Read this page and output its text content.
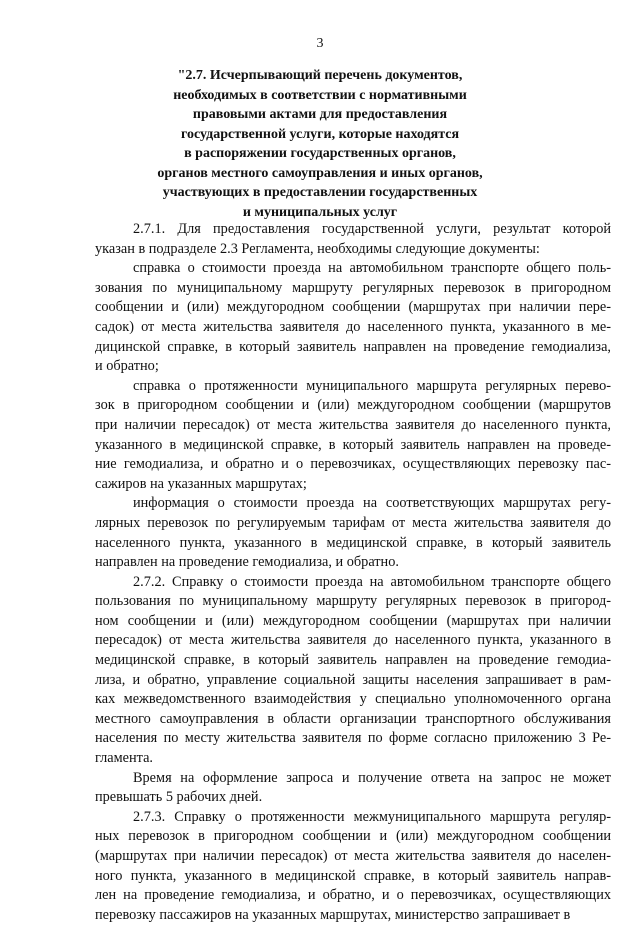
3
"2.7. Исчерпывающий перечень документов,
необходимых в соответствии с нормативными
правовыми актами для предоставления
государственной услуги, которые находятся
в распоряжении государственных органов,
органов местного самоуправления и иных органов,
участвующих в предоставлении государственных
и муниципальных услуг
2.7.1. Для предоставления государственной услуги, результат которой
указан в подразделе 2.3 Регламента, необходимы следующие документы:
справка о стоимости проезда на автомобильном транспорте общего поль-
зования по муниципальному маршруту регулярных перевозок в пригородном
сообщении и (или) междугородном сообщении (маршрутах при наличии пере-
садок) от места жительства заявителя до населенного пункта, указанного в ме-
дицинской справке, в который заявитель направлен на проведение гемодиализа,
и обратно;
справка о протяженности муниципального маршрута регулярных перево-
зок в пригородном сообщении и (или) междугородном сообщении (маршрутов
при наличии пересадок) от места жительства заявителя до населенного пункта,
указанного в медицинской справке, в который заявитель направлен на проведе-
ние гемодиализа, и обратно и о перевозчиках, осуществляющих перевозку пас-
сажиров на указанных маршрутах;
информация о стоимости проезда на соответствующих маршрутах регу-
лярных перевозок по регулируемым тарифам от места жительства заявителя до
населенного пункта, указанного в медицинской справке, в который заявитель
направлен на проведение гемодиализа, и обратно.
2.7.2. Справку о стоимости проезда на автомобильном транспорте общего
пользования по муниципальному маршруту регулярных перевозок в пригород-
ном сообщении и (или) междугородном сообщении (маршрутах при наличии
пересадок) от места жительства заявителя до населенного пункта, указанного в
медицинской справке, в который заявитель направлен на проведение гемодиа-
лиза, и обратно, управление социальной защиты населения запрашивает в рам-
ках межведомственного взаимодействия у специально уполномоченного органа
местного самоуправления в области организации транспортного обслуживания
населения по месту жительства заявителя по форме согласно приложению 3 Ре-
гламента.
Время на оформление запроса и получение ответа на запрос не может
превышать 5 рабочих дней.
2.7.3. Справку о протяженности межмуниципального маршрута регуляр-
ных перевозок в пригородном сообщении и (или) междугородном сообщении
(маршрутах при наличии пересадок) от места жительства заявителя до населен-
ного пункта, указанного в медицинской справке, в который заявитель направ-
лен на проведение гемодиализа, и обратно, и о перевозчиках, осуществляющих
перевозку пассажиров на указанных маршрутах, министерство запрашивает в
